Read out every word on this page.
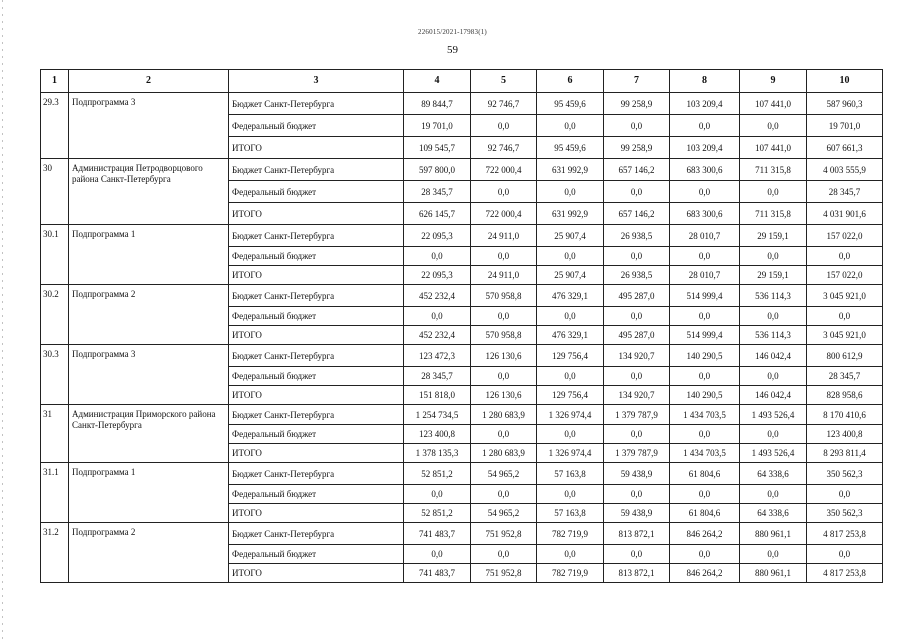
226015/2021-17983(1)
59
1	2	3	4	5	6	7	8	9	10
29.3	Подпрограмма 3	Бюджет Санкт-Петербурга	89 844,7	92 746,7	95 459,6	99 258,9	103 209,4	107 441,0	587 960,3
		Федеральный бюджет	19 701,0	0,0	0,0	0,0	0,0	0,0	19 701,0
		ИТОГО	109 545,7	92 746,7	95 459,6	99 258,9	103 209,4	107 441,0	607 661,3
30	Администрация Петродворцового района Санкт-Петербурга	Бюджет Санкт-Петербурга	597 800,0	722 000,4	631 992,9	657 146,2	683 300,6	711 315,8	4 003 555,9
		Федеральный бюджет	28 345,7	0,0	0,0	0,0	0,0	0,0	28 345,7
		ИТОГО	626 145,7	722 000,4	631 992,9	657 146,2	683 300,6	711 315,8	4 031 901,6
30.1	Подпрограмма 1	Бюджет Санкт-Петербурга	22 095,3	24 911,0	25 907,4	26 938,5	28 010,7	29 159,1	157 022,0
		Федеральный бюджет	0,0	0,0	0,0	0,0	0,0	0,0	0,0
		ИТОГО	22 095,3	24 911,0	25 907,4	26 938,5	28 010,7	29 159,1	157 022,0
30.2	Подпрограмма 2	Бюджет Санкт-Петербурга	452 232,4	570 958,8	476 329,1	495 287,0	514 999,4	536 114,3	3 045 921,0
		Федеральный бюджет	0,0	0,0	0,0	0,0	0,0	0,0	0,0
		ИТОГО	452 232,4	570 958,8	476 329,1	495 287,0	514 999,4	536 114,3	3 045 921,0
30.3	Подпрограмма 3	Бюджет Санкт-Петербурга	123 472,3	126 130,6	129 756,4	134 920,7	140 290,5	146 042,4	800 612,9
		Федеральный бюджет	28 345,7	0,0	0,0	0,0	0,0	0,0	28 345,7
		ИТОГО	151 818,0	126 130,6	129 756,4	134 920,7	140 290,5	146 042,4	828 958,6
31	Администрация Приморского района Санкт-Петербурга	Бюджет Санкт-Петербурга	1 254 734,5	1 280 683,9	1 326 974,4	1 379 787,9	1 434 703,5	1 493 526,4	8 170 410,6
		Федеральный бюджет	123 400,8	0,0	0,0	0,0	0,0	0,0	123 400,8
		ИТОГО	1 378 135,3	1 280 683,9	1 326 974,4	1 379 787,9	1 434 703,5	1 493 526,4	8 293 811,4
31.1	Подпрограмма 1	Бюджет Санкт-Петербурга	52 851,2	54 965,2	57 163,8	59 438,9	61 804,6	64 338,6	350 562,3
		Федеральный бюджет	0,0	0,0	0,0	0,0	0,0	0,0	0,0
		ИТОГО	52 851,2	54 965,2	57 163,8	59 438,9	61 804,6	64 338,6	350 562,3
31.2	Подпрограмма 2	Бюджет Санкт-Петербурга	741 483,7	751 952,8	782 719,9	813 872,1	846 264,2	880 961,1	4 817 253,8
		Федеральный бюджет	0,0	0,0	0,0	0,0	0,0	0,0	0,0
		ИТОГО	741 483,7	751 952,8	782 719,9	813 872,1	846 264,2	880 961,1	4 817 253,8
